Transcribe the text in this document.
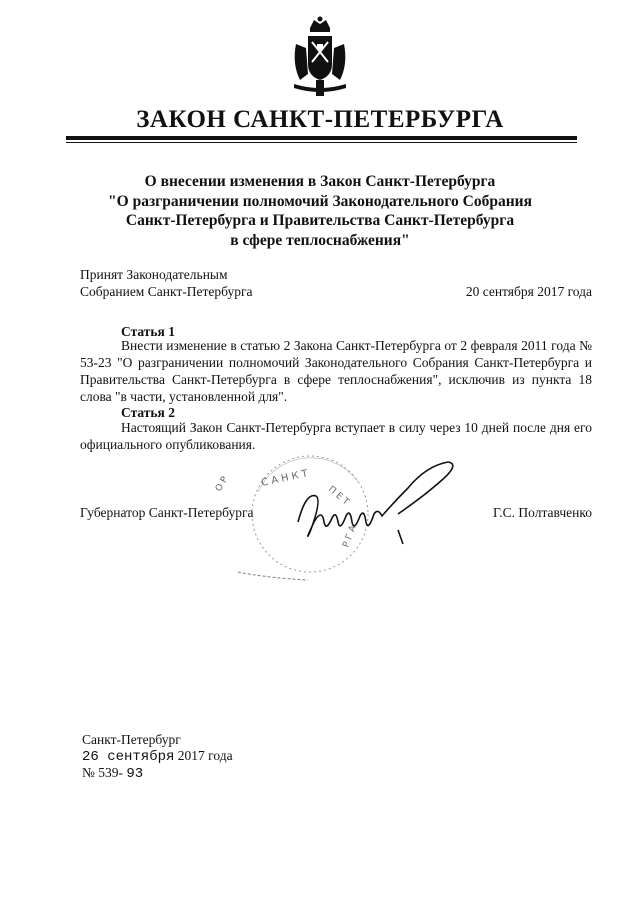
ЗАКОН САНКТ-ПЕТЕРБУРГА
О внесении изменения в Закон Санкт-Петербурга
"О разграничении полномочий Законодательного Собрания
Санкт-Петербурга и Правительства Санкт-Петербурга
в сфере теплоснабжения"
Принят Законодательным
Собранием Санкт-Петербурга	20 сентября 2017 года
Статья 1

Внести изменение в статью 2 Закона Санкт-Петербурга от 2 февраля 2011 года № 53-23 "О разграничении полномочий Законодательного Собрания Санкт-Петербурга и Правительства Санкт-Петербурга в сфере теплоснабжения", исключив из пункта 18 слова "в части, установленной для".

Статья 2

Настоящий Закон Санкт-Петербурга вступает в силу через 10 дней после дня его официального опубликования.

С А Н К Т
П Е Т
Р Г А
О Р
Губернатор Санкт-Петербурга	Г.С. Полтавченко
Санкт-Петербург
26 сентября 2017 года
№ 539- 93
